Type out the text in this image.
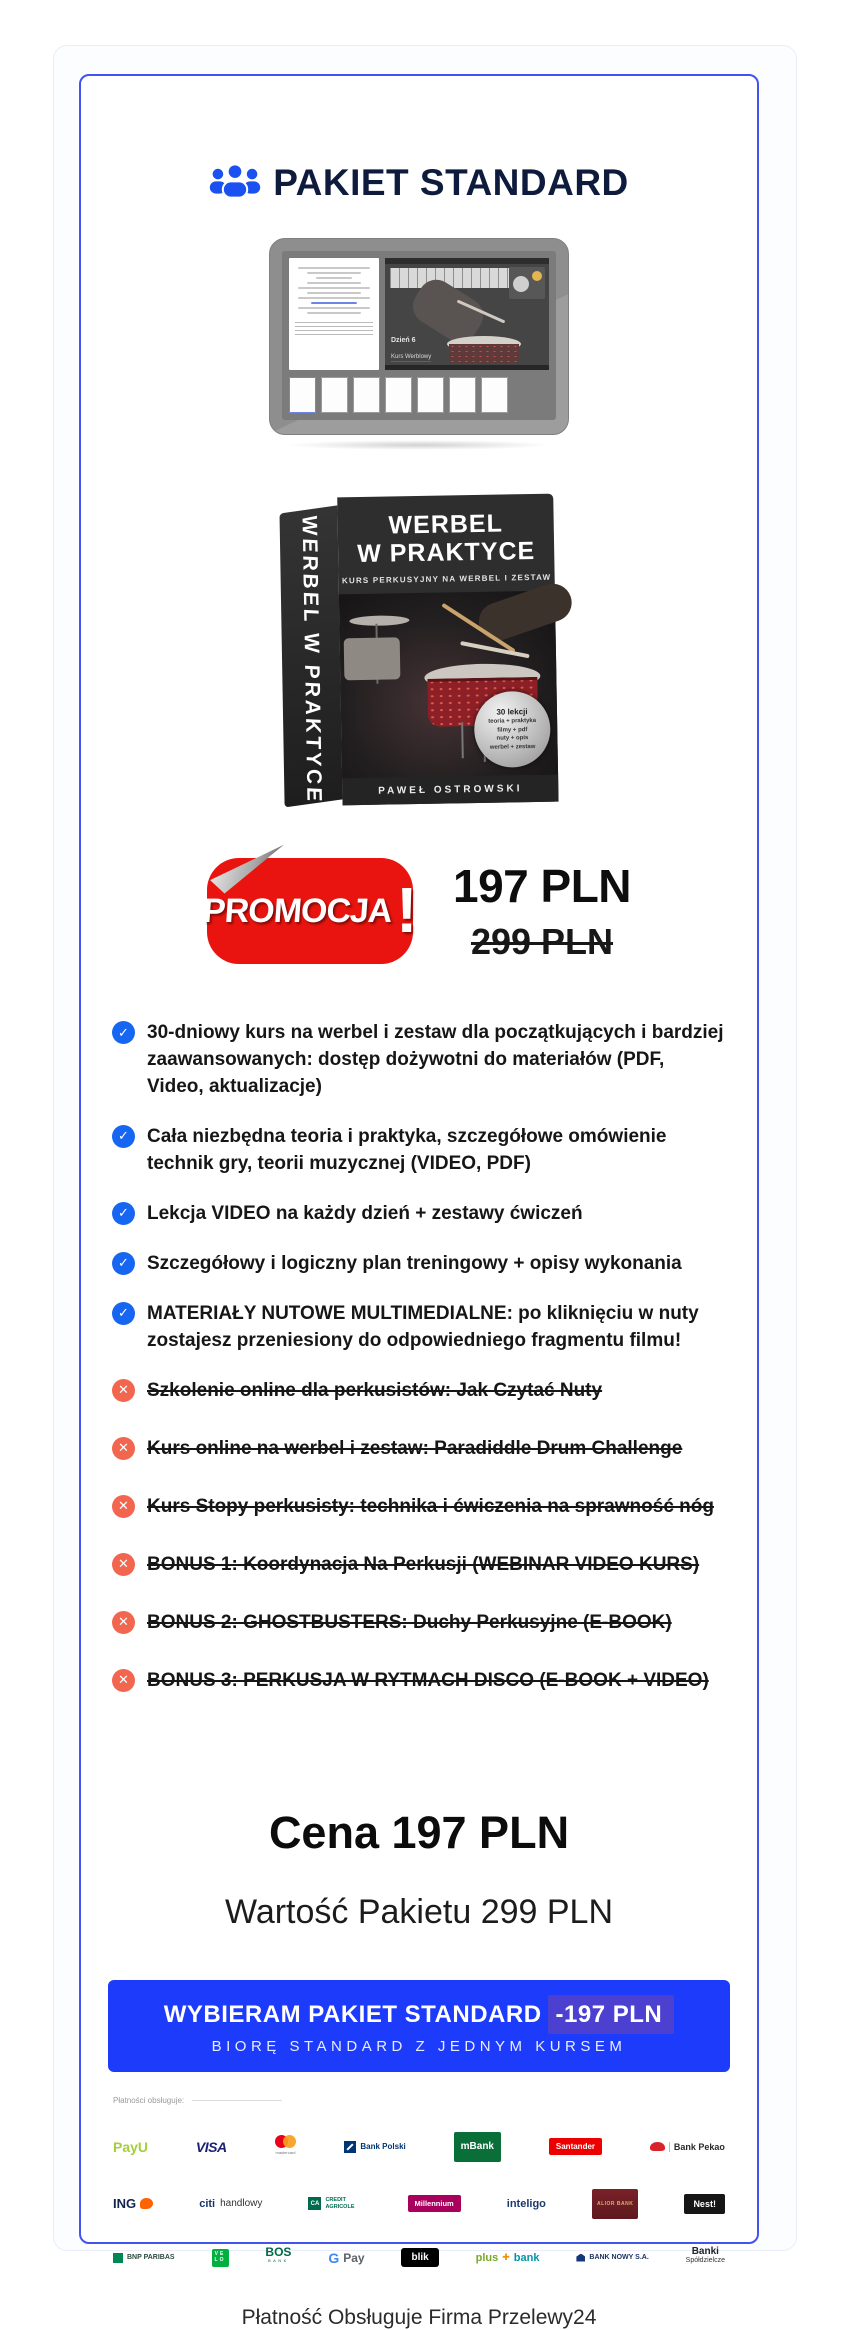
PAKIET STANDARD
Dzień 6
Kurs Werblowy
WERBEL W PRAKTYCE	WERBEL
W PRAKTYCE
KURS PERKUSYJNY NA WERBEL I ZESTAW
30 lekcji
teoria + praktyka
filmy + pdf
nuty + opis
werbel + zestaw
PAWEŁ OSTROWSKI
PROMOCJA ! 197 PLN
299 PLN
✓
30-dniowy kurs na werbel i zestaw dla początkujących i bardziej zaawansowanych: dostęp dożywotni do materiałów (PDF, Video, aktualizacje)
✓
Cała niezbędna teoria i praktyka, szczegółowe omówienie technik gry, teorii muzycznej (VIDEO, PDF)
✓
Lekcja VIDEO na każdy dzień + zestawy ćwiczeń
✓
Szczegółowy i logiczny plan treningowy + opisy wykonania
✓
MATERIAŁY NUTOWE MULTIMEDIALNE: po kliknięciu w nuty zostajesz przeniesiony do odpowiedniego fragmentu filmu!
✕
Szkolenie online dla perkusistów: Jak Czytać Nuty
✕
Kurs online na werbel i zestaw: Paradiddle Drum Challenge
✕
Kurs Stopy perkusisty: technika i ćwiczenia na sprawność nóg
✕
BONUS 1: Koordynacja Na Perkusji (WEBINAR VIDEO KURS)
✕
BONUS 2: GHOSTBUSTERS: Duchy Perkusyjne (E-BOOK)
✕
BONUS 3: PERKUSJA W RYTMACH DISCO (E-BOOK + VIDEO)
Cena 197 PLN
Wartość Pakietu 299 PLN
WYBIERAM PAKIET STANDARD -197 PLN
BIORĘ STANDARD Z JEDNYM KURSEM
Płatności obsługuje:
PayU	VISA	mastercard
Bank Polski	mBank	Santander	Bank Pekao
ING	citi handlowy CA	CREDIT AGRICOLE	Millennium	inteligo	ALIOR BANK	Nest!
BNP PARIBAS
VELO
BOS
BANK G	Pay	blik ✚	plus bank	BANK NOWY S.A.
Banki
Spółdzielcze
Płatność Obsługuje Firma Przelewy24
